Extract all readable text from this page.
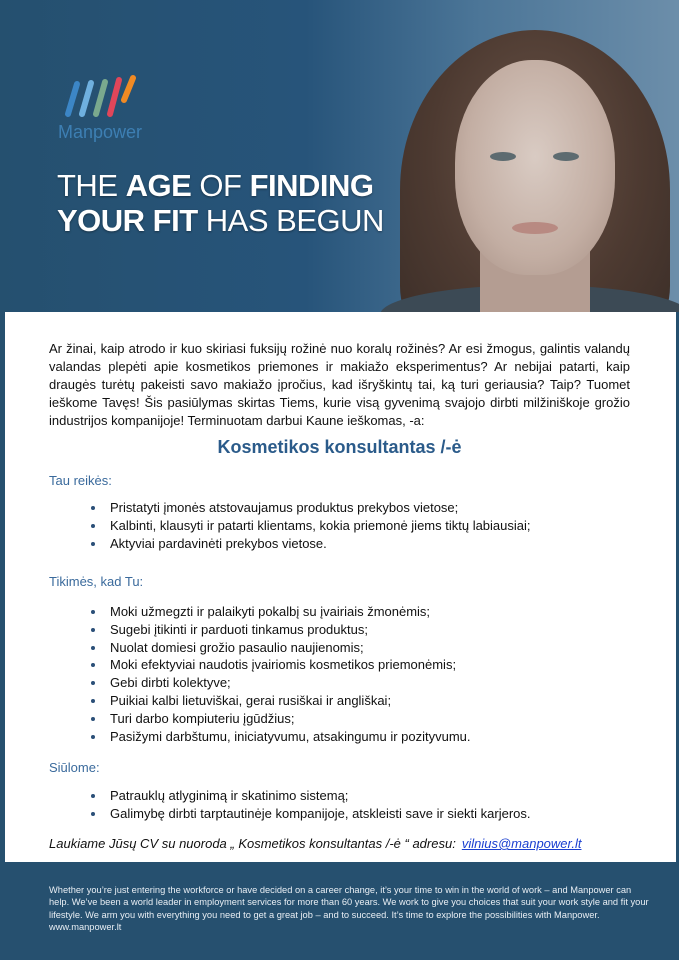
Manpower
THE AGE OF FINDING
YOUR FIT HAS BEGUN
Ar žinai, kaip atrodo ir kuo skiriasi fuksijų rožinė nuo koralų rožinės? Ar esi žmogus, galintis valandų valandas plepėti apie kosmetikos priemones ir makiažo eksperimentus? Ar nebijai patarti, kaip draugės turėtų pakeisti savo makiažo įpročius, kad išryškintų tai, ką turi geriausia? Taip? Tuomet ieškome Tavęs! Šis pasiūlymas skirtas Tiems, kurie visą gyvenimą svajojo dirbti milžiniškoje grožio industrijos kompanijoje! Terminuotam darbui Kaune ieškomas, -a:
Kosmetikos konsultantas /-ė
Tau reikės:
Pristatyti įmonės atstovaujamus produktus prekybos vietose;
Kalbinti, klausyti ir patarti klientams, kokia priemonė jiems tiktų labiausiai;
Aktyviai pardavinėti prekybos vietose.
Tikimės, kad Tu:
Moki užmegzti ir palaikyti pokalbį su įvairiais žmonėmis;
Sugebi įtikinti ir parduoti tinkamus produktus;
Nuolat domiesi grožio pasaulio naujienomis;
Moki efektyviai naudotis įvairiomis kosmetikos priemonėmis;
Gebi dirbti kolektyve;
Puikiai kalbi lietuviškai, gerai rusiškai ir angliškai;
Turi darbo kompiuteriu įgūdžius;
Pasižymi darbštumu, iniciatyvumu, atsakingumu ir pozityvumu.
Siūlome:
Patrauklų atlyginimą ir skatinimo sistemą;
Galimybę dirbti tarptautinėje kompanijoje, atskleisti save ir siekti karjeros.
Laukiame Jūsų CV su nuoroda „ Kosmetikos konsultantas /-ė “ adresu: vilnius@manpower.lt
Whether you’re just entering the workforce or have decided on a career change, it’s your time to win in the world of work – and Manpower can help. We’ve been a world leader in employment services for more than 60 years. We work to give you choices that suit your work style and fit your lifestyle. We arm you with everything you need to get a great job – and to succeed. It’s time to explore the possibilities with Manpower.
www.manpower.lt
